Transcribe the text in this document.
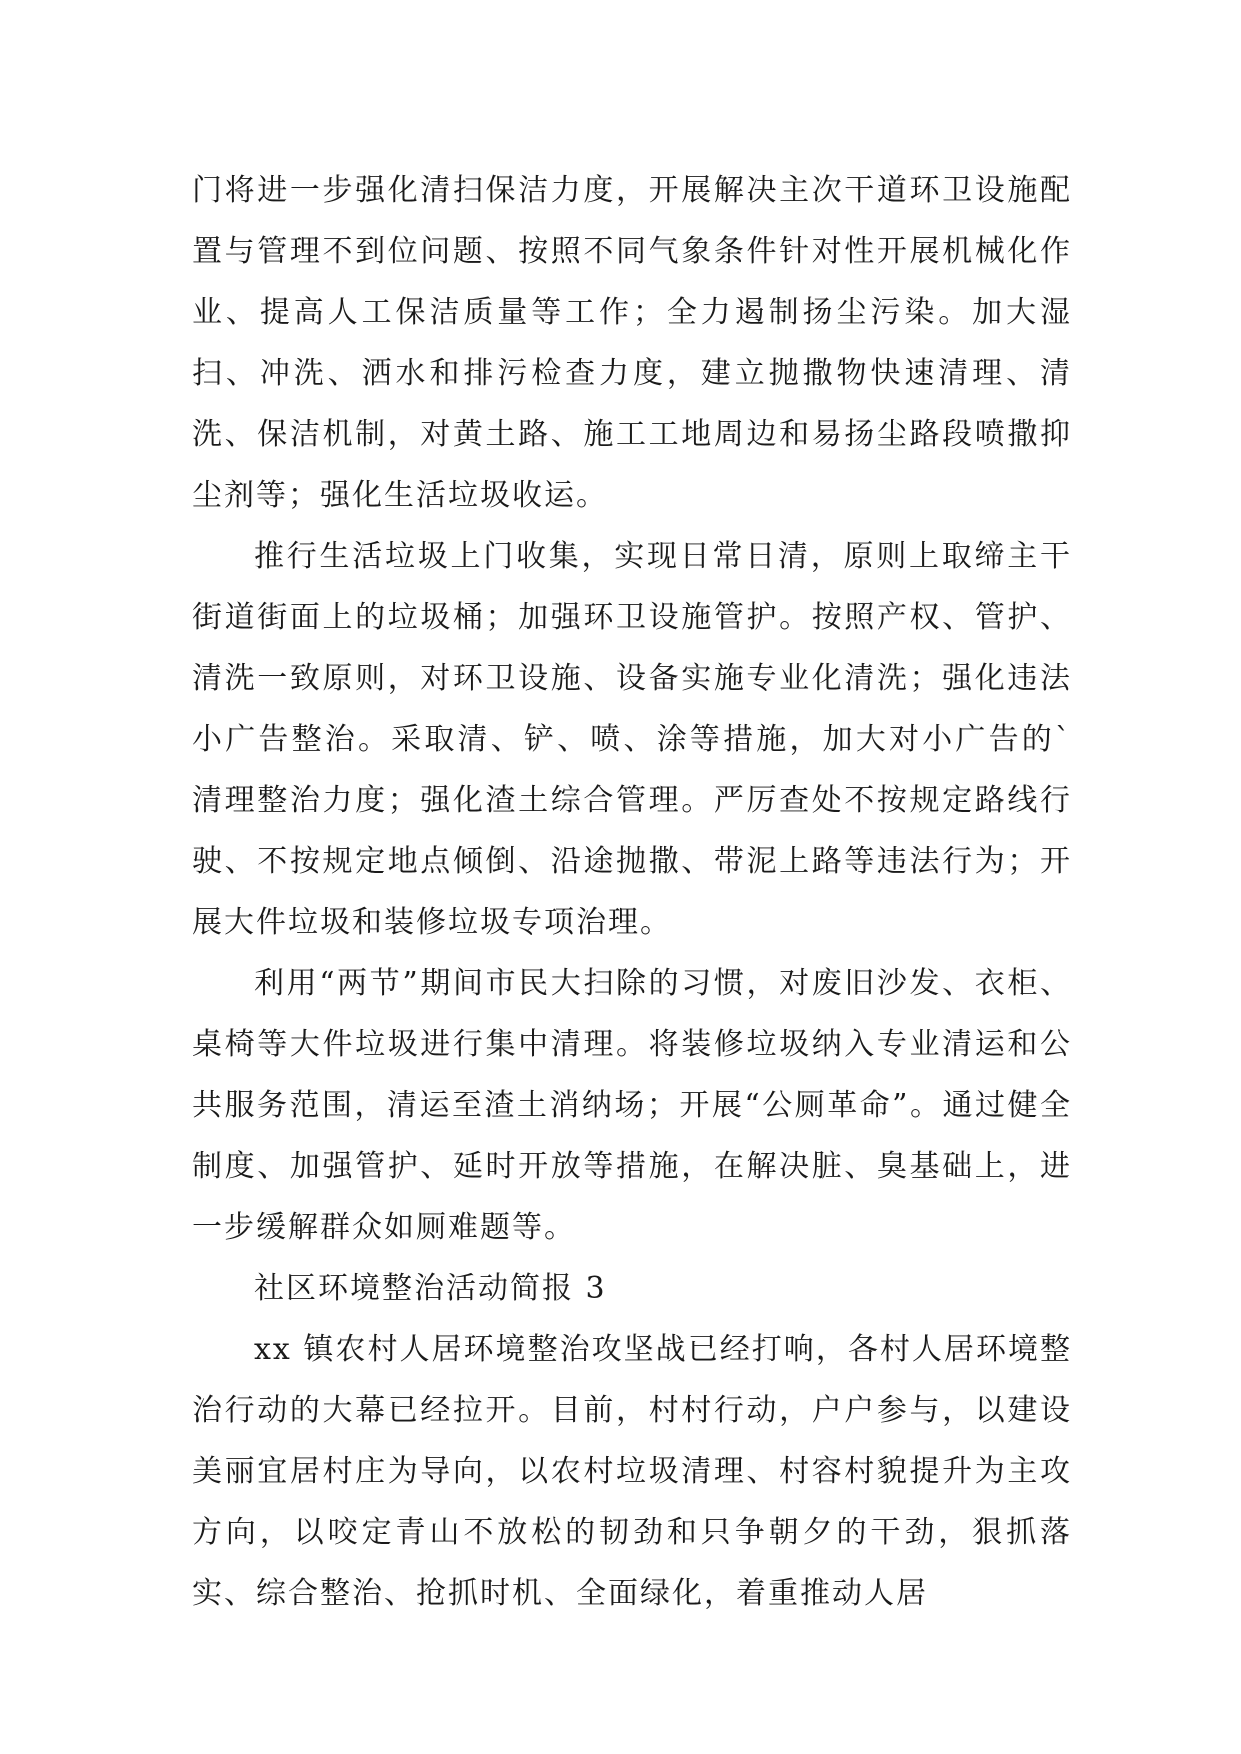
门将进一步强化清扫保洁力度，开展解决主次干道环卫设施配置与管理不到位问题、按照不同气象条件针对性开展机械化作业、提高人工保洁质量等工作；全力遏制扬尘污染。加大湿扫、冲洗、洒水和排污检查力度，建立抛撒物快速清理、清洗、保洁机制，对黄土路、施工工地周边和易扬尘路段喷撒抑尘剂等；强化生活垃圾收运。

推行生活垃圾上门收集，实现日常日清，原则上取缔主干街道街面上的垃圾桶；加强环卫设施管护。按照产权、管护、清洗一致原则，对环卫设施、设备实施专业化清洗；强化违法小广告整治。采取清、铲、喷、涂等措施，加大对小广告的`清理整治力度；强化渣土综合管理。严厉查处不按规定路线行驶、不按规定地点倾倒、沿途抛撒、带泥上路等违法行为；开展大件垃圾和装修垃圾专项治理。

利用“两节”期间市民大扫除的习惯，对废旧沙发、衣柜、桌椅等大件垃圾进行集中清理。将装修垃圾纳入专业清运和公共服务范围，清运至渣土消纳场；开展“公厕革命”。通过健全制度、加强管护、延时开放等措施，在解决脏、臭基础上，进一步缓解群众如厕难题等。

社区环境整治活动简报 3

xx 镇农村人居环境整治攻坚战已经打响，各村人居环境整治行动的大幕已经拉开。目前，村村行动，户户参与，以建设美丽宜居村庄为导向，以农村垃圾清理、村容村貌提升为主攻方向，以咬定青山不放松的韧劲和只争朝夕的干劲，狠抓落实、综合整治、抢抓时机、全面绿化，着重推动人居
